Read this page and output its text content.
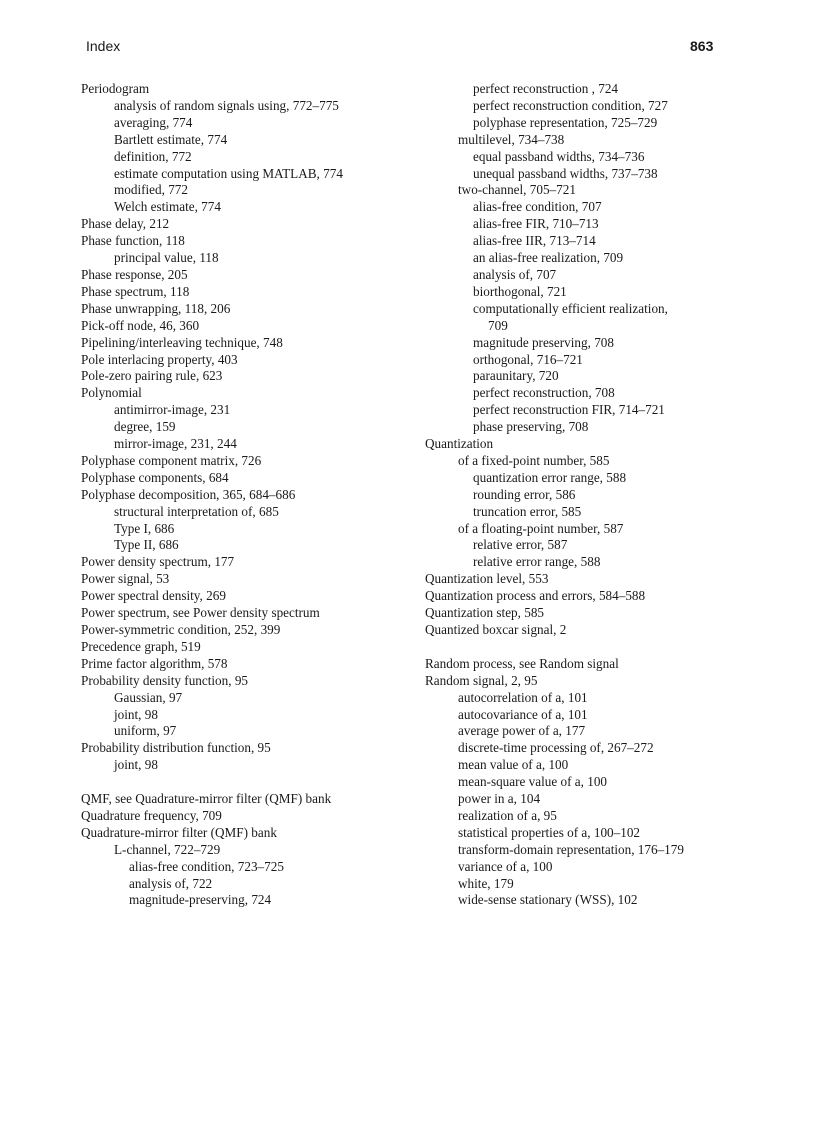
Index	863
Periodogram
analysis of random signals using, 772–775
averaging, 774
Bartlett estimate, 774
definition, 772
estimate computation using MATLAB, 774
modified, 772
Welch estimate, 774
Phase delay, 212
Phase function, 118
principal value, 118
Phase response, 205
Phase spectrum, 118
Phase unwrapping, 118, 206
Pick-off node, 46, 360
Pipelining/interleaving technique, 748
Pole interlacing property, 403
Pole-zero pairing rule, 623
Polynomial
antimirror-image, 231
degree, 159
mirror-image, 231, 244
Polyphase component matrix, 726
Polyphase components, 684
Polyphase decomposition, 365, 684–686
structural interpretation of, 685
Type I, 686
Type II, 686
Power density spectrum, 177
Power signal, 53
Power spectral density, 269
Power spectrum, see Power density spectrum
Power-symmetric condition, 252, 399
Precedence graph, 519
Prime factor algorithm, 578
Probability density function, 95
Gaussian, 97
joint, 98
uniform, 97
Probability distribution function, 95
joint, 98
QMF, see Quadrature-mirror filter (QMF) bank
Quadrature frequency, 709
Quadrature-mirror filter (QMF) bank
L-channel, 722–729
alias-free condition, 723–725
analysis of, 722
magnitude-preserving, 724
perfect reconstruction , 724
perfect reconstruction condition, 727
polyphase representation, 725–729
multilevel, 734–738
equal passband widths, 734–736
unequal passband widths, 737–738
two-channel, 705–721
alias-free condition, 707
alias-free FIR, 710–713
alias-free IIR, 713–714
an alias-free realization, 709
analysis of, 707
biorthogonal, 721
computationally efficient realization,
709
magnitude preserving, 708
orthogonal, 716–721
paraunitary, 720
perfect reconstruction, 708
perfect reconstruction FIR, 714–721
phase preserving, 708
Quantization
of a fixed-point number, 585
quantization error range, 588
rounding error, 586
truncation error, 585
of a floating-point number, 587
relative error, 587
relative error range, 588
Quantization level, 553
Quantization process and errors, 584–588
Quantization step, 585
Quantized boxcar signal, 2
Random process, see Random signal
Random signal, 2, 95
autocorrelation of a, 101
autocovariance of a, 101
average power of a, 177
discrete-time processing of, 267–272
mean value of a, 100
mean-square value of a, 100
power in a, 104
realization of a, 95
statistical properties of a, 100–102
transform-domain representation, 176–179
variance of a, 100
white, 179
wide-sense stationary (WSS), 102
